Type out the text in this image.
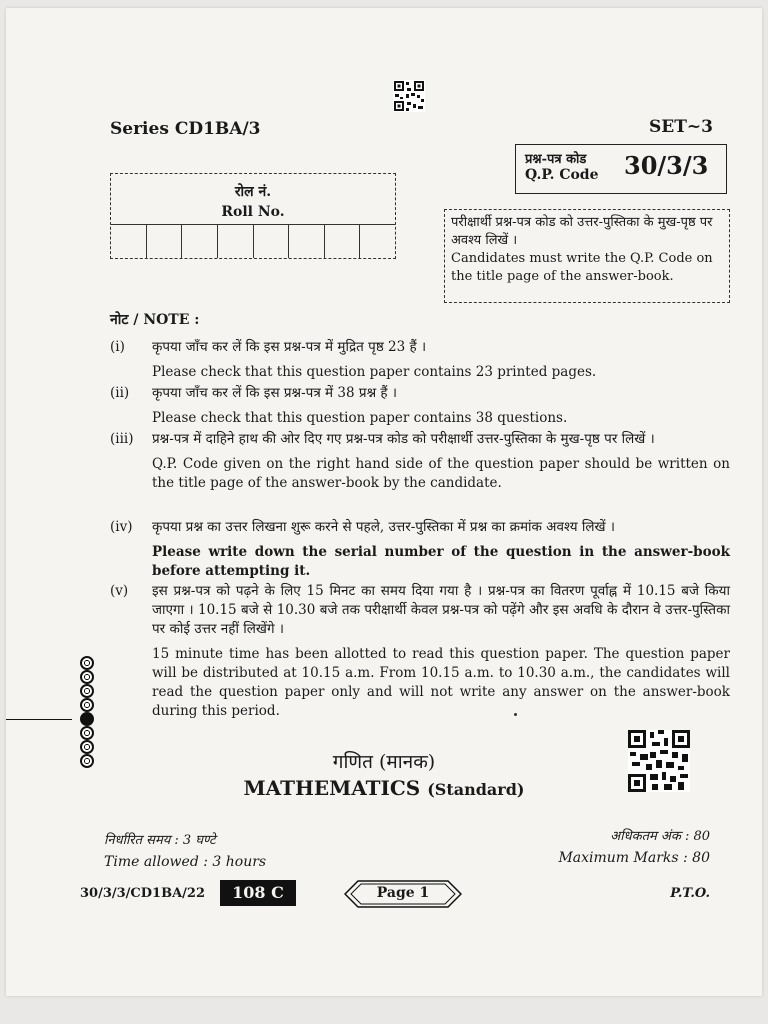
Series CD1BA/3	SET~3
प्रश्न-पत्र कोड
Q.P. Code 30/3/3
रोल नं.
Roll No.

परीक्षार्थी प्रश्न-पत्र कोड को उत्तर-पुस्तिका के मुख-पृष्ठ पर अवश्य लिखें ।

Candidates must write the Q.P. Code on the title page of the answer-book.

नोट / NOTE :
(i) कृपया जाँच कर लें कि इस प्रश्न-पत्र में मुद्रित पृष्ठ 23 हैं ।

Please check that this question paper contains 23 printed pages.

(ii) कृपया जाँच कर लें कि इस प्रश्न-पत्र में 38 प्रश्न हैं ।

Please check that this question paper contains 38 questions.

(iii) प्रश्न-पत्र में दाहिने हाथ की ओर दिए गए प्रश्न-पत्र कोड को परीक्षार्थी उत्तर-पुस्तिका के मुख-पृष्ठ पर लिखें ।

Q.P. Code given on the right hand side of the question paper should be written on the title page of the answer-book by the candidate.

(iv) कृपया प्रश्न का उत्तर लिखना शुरू करने से पहले, उत्तर-पुस्तिका में प्रश्न का क्रमांक अवश्य लिखें ।

Please write down the serial number of the question in the answer-book before attempting it.

(v) इस प्रश्न-पत्र को पढ़ने के लिए 15 मिनट का समय दिया गया है । प्रश्न-पत्र का वितरण पूर्वाह्न में 10.15 बजे किया जाएगा । 10.15 बजे से 10.30 बजे तक परीक्षार्थी केवल प्रश्न-पत्र को पढ़ेंगे और इस अवधि के दौरान वे उत्तर-पुस्तिका पर कोई उत्तर नहीं लिखेंगे ।

15 minute time has been allotted to read this question paper. The question paper will be distributed at 10.15 a.m. From 10.15 a.m. to 10.30 a.m., the candidates will read the question paper only and will not write any answer on the answer-book during this period.

गणित (मानक)
MATHEMATICS (Standard)
निर्धारित समय : 3 घण्टे
Time allowed : 3 hours
अधिकतम अंक : 80
Maximum Marks : 80
30/3/3/CD1BA/22	108 C	Page 1	P.T.O.
